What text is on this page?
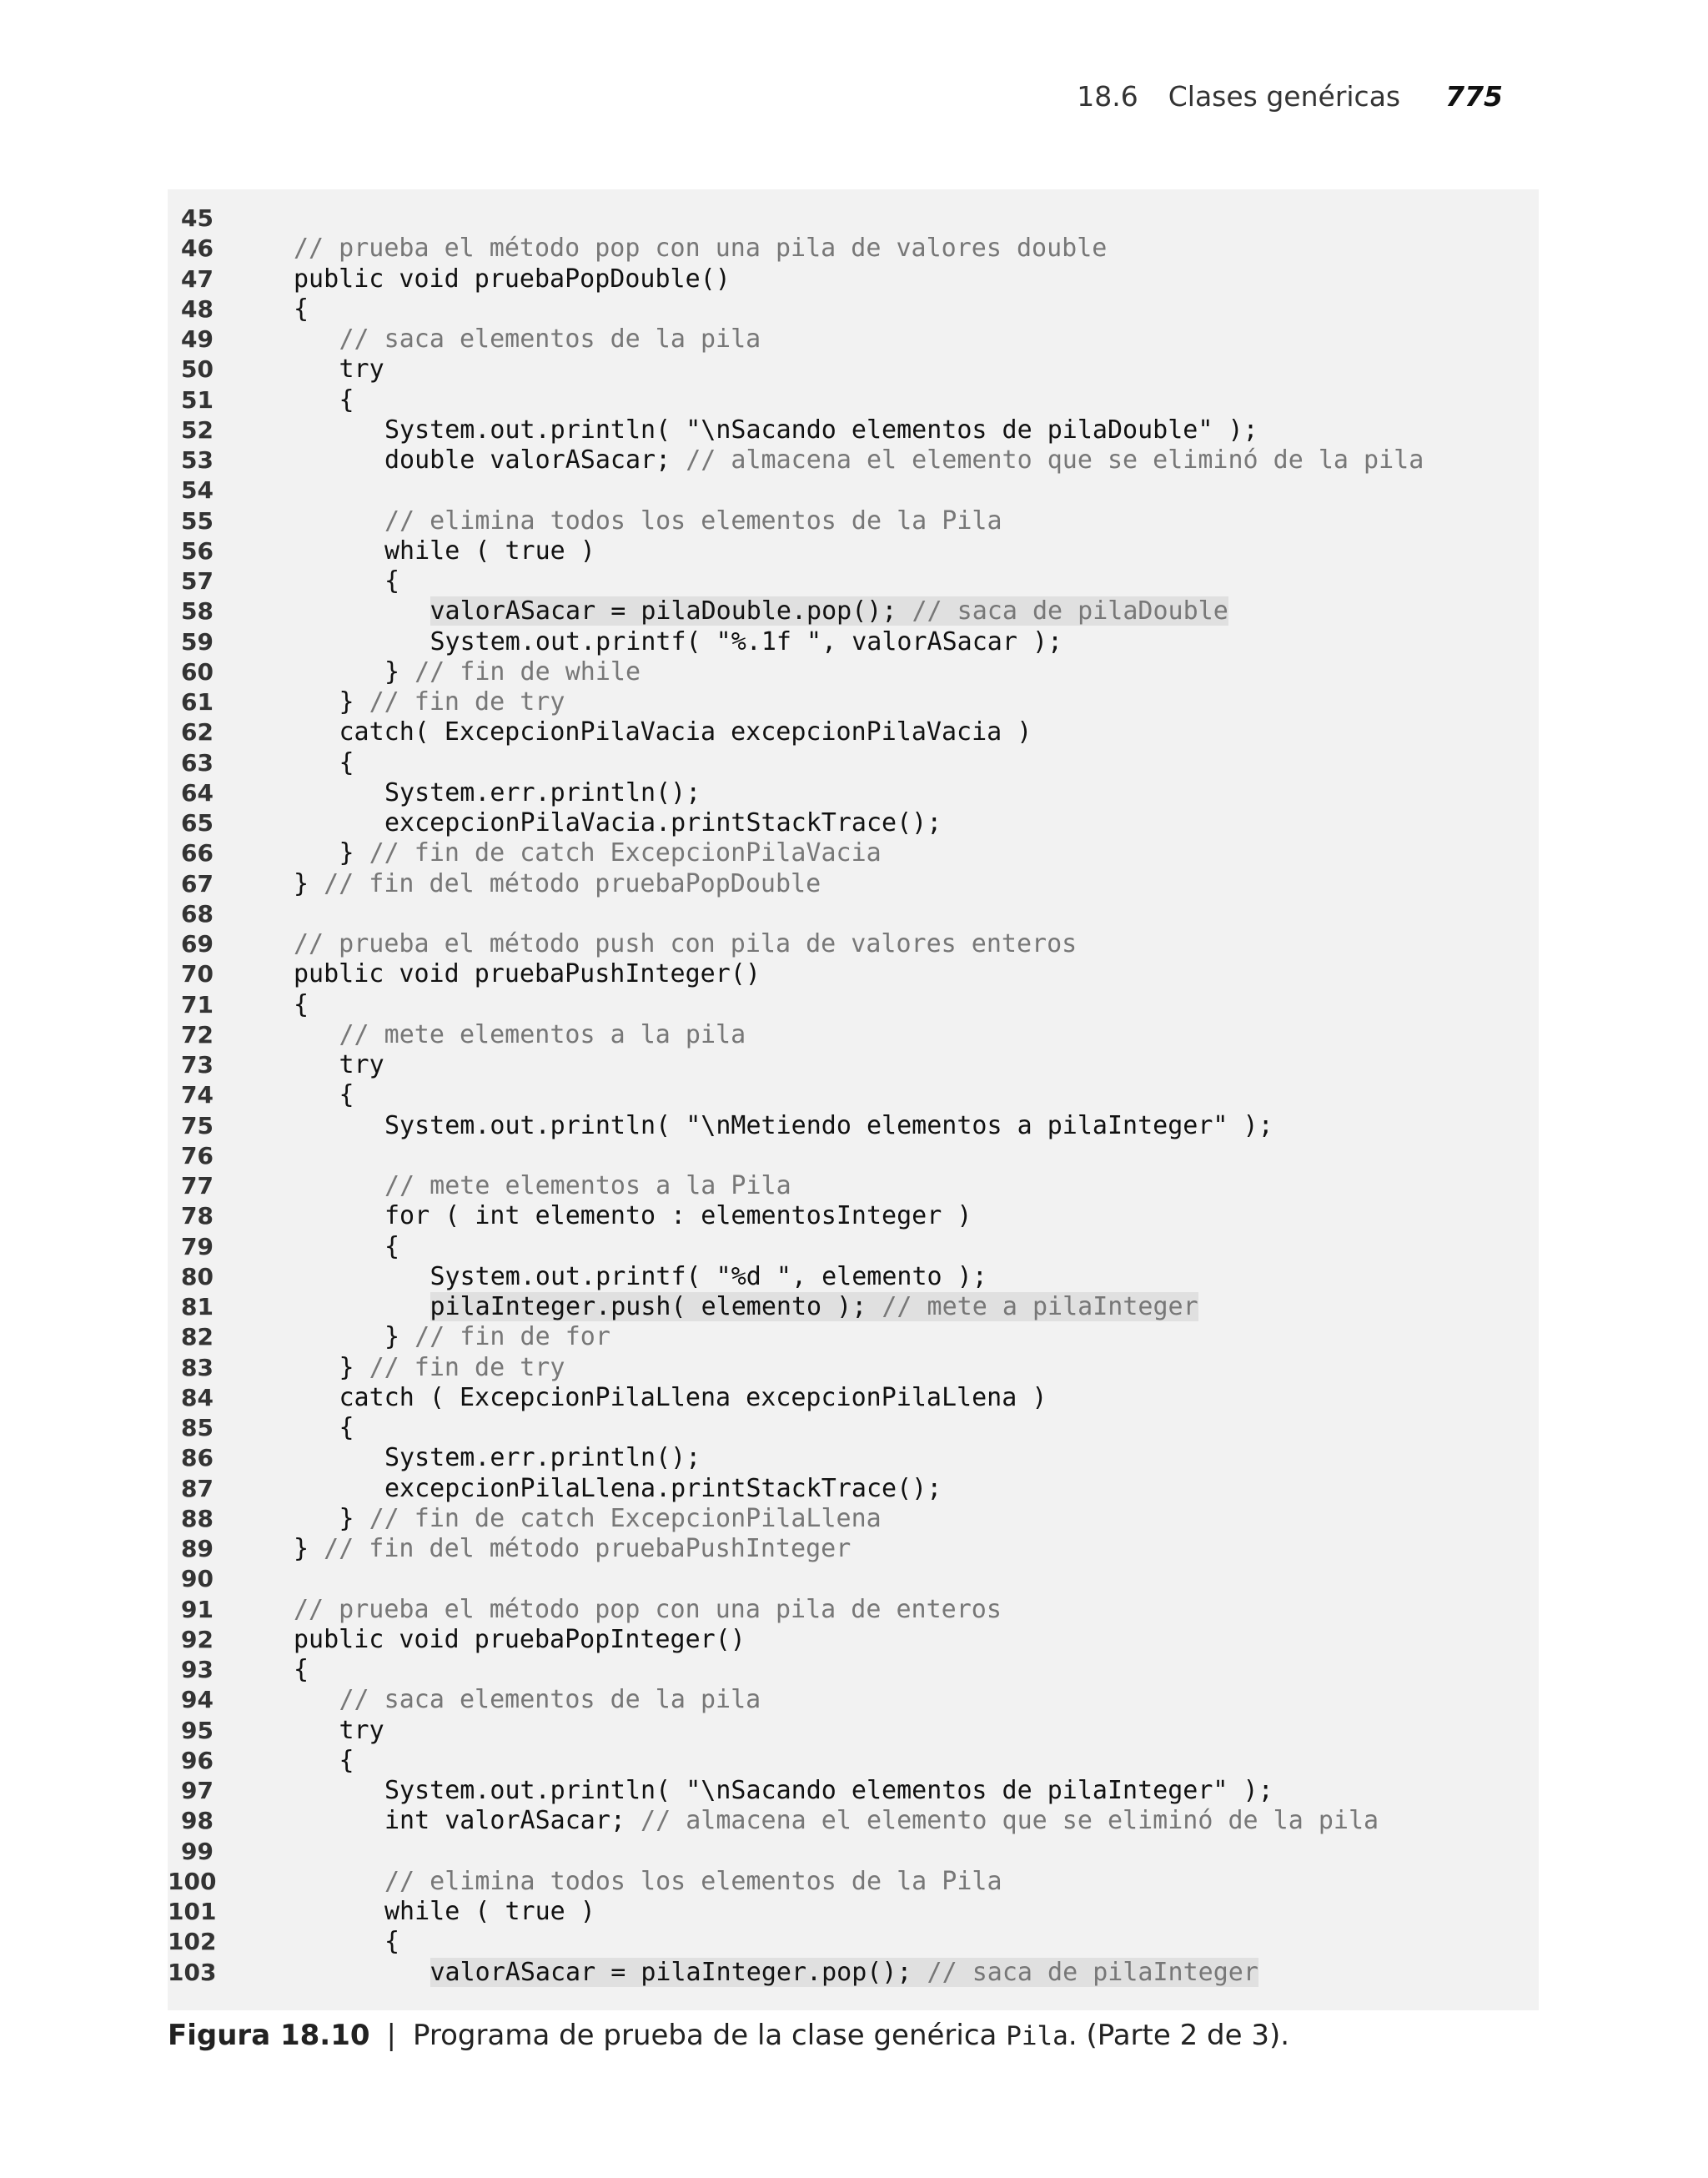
18.6 Clases genéricas 775
45
46	// prueba el método pop con una pila de valores double
47	public void pruebaPopDouble()
48	{
49	// saca elementos de la pila
50	try
51	{
52	System.out.println( "\nSacando elementos de pilaDouble" );
53	double valorASacar; // almacena el elemento que se eliminó de la pila
54
55	// elimina todos los elementos de la Pila
56	while ( true )
57	{
58	valorASacar = pilaDouble.pop(); // saca de pilaDouble
59	System.out.printf( "%.1f ", valorASacar );
60	} // fin de while
61	} // fin de try
62	catch( ExcepcionPilaVacia excepcionPilaVacia )
63	{
64	System.err.println();
65	excepcionPilaVacia.printStackTrace();
66	} // fin de catch ExcepcionPilaVacia
67	} // fin del método pruebaPopDouble
68
69	// prueba el método push con pila de valores enteros
70	public void pruebaPushInteger()
71	{
72	// mete elementos a la pila
73	try
74	{
75	System.out.println( "\nMetiendo elementos a pilaInteger" );
76
77	// mete elementos a la Pila
78	for ( int elemento : elementosInteger )
79	{
80	System.out.printf( "%d ", elemento );
81	pilaInteger.push( elemento ); // mete a pilaInteger
82	} // fin de for
83	} // fin de try
84	catch ( ExcepcionPilaLlena excepcionPilaLlena )
85	{
86	System.err.println();
87	excepcionPilaLlena.printStackTrace();
88	} // fin de catch ExcepcionPilaLlena
89	} // fin del método pruebaPushInteger
90
91	// prueba el método pop con una pila de enteros
92	public void pruebaPopInteger()
93	{
94	// saca elementos de la pila
95	try
96	{
97	System.out.println( "\nSacando elementos de pilaInteger" );
98	int valorASacar; // almacena el elemento que se eliminó de la pila
99
100	// elimina todos los elementos de la Pila
101	while ( true )
102	{
103	valorASacar = pilaInteger.pop(); // saca de pilaInteger
Figura 18.10 | Programa de prueba de la clase genérica Pila. (Parte 2 de 3).
